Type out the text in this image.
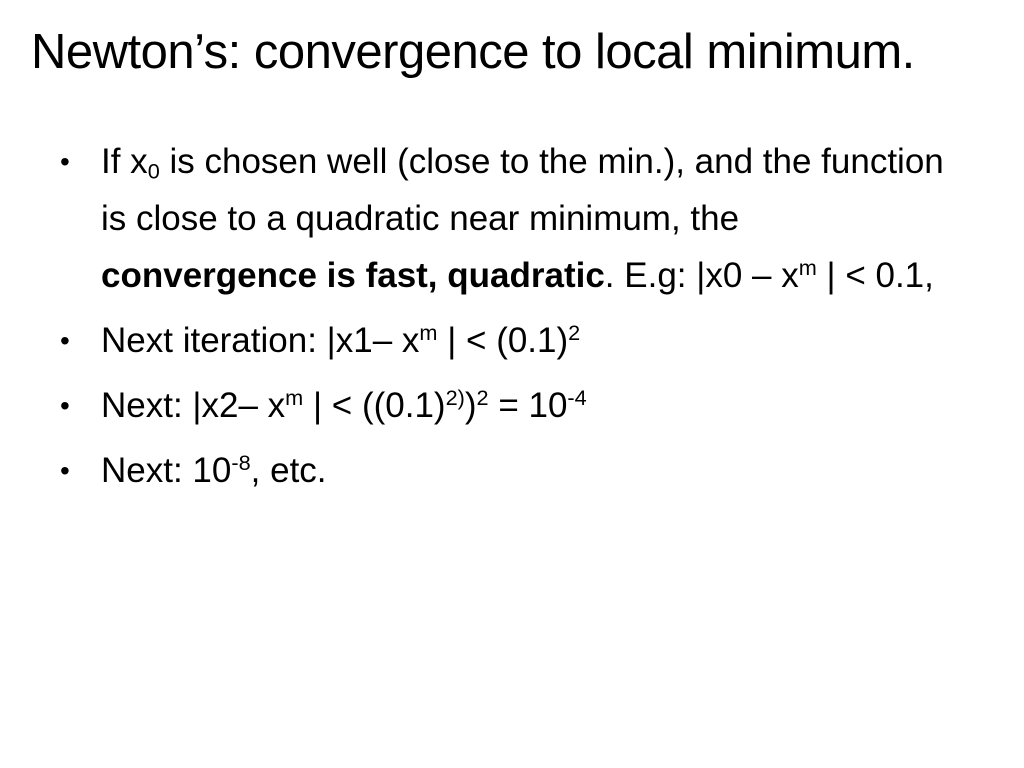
Newton’s: convergence to local minimum.
• If $x_0$ is chosen well (close to the min.), and the function is close to a quadratic near minimum, the convergence is fast, quadratic. E.g: $|x0 - x^m$ | < 0.1,
• Next iteration: |x1– $x^m$ | < $(0.1)^2$
• Next: |x2– $x^m$ | < $((0.1)^{2)})^2 = 10^{-4}$
• Next: $10^{-8}$, etc.
